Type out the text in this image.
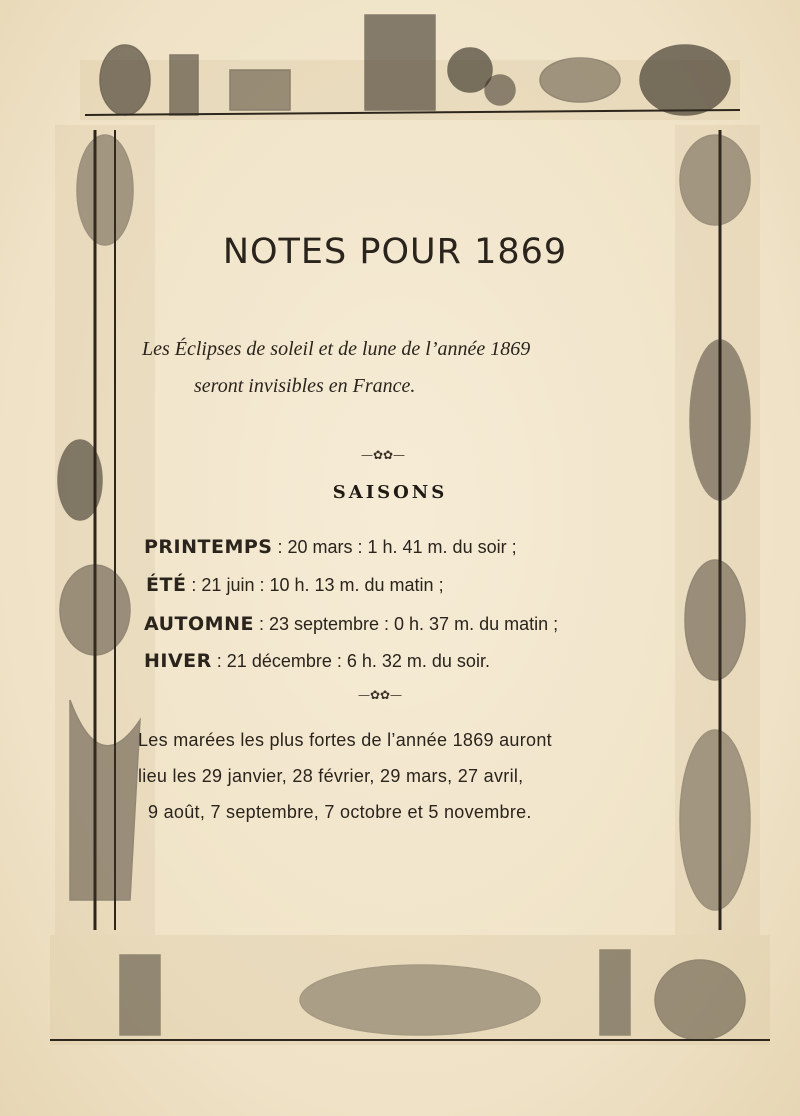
NOTES POUR 1869
Les Éclipses de soleil et de lune de l’année 1869
seront invisibles en France.
—✿✿—
SAISONS
PRINTEMPS : 20 mars : 1 h. 41 m. du soir ;
ÉTÉ : 21 juin : 10 h. 13 m. du matin ;
AUTOMNE : 23 septembre : 0 h. 37 m. du matin ;
HIVER : 21 décembre : 6 h. 32 m. du soir.
—✿✿—
Les marées les plus fortes de l’année 1869 auront
lieu les 29 janvier, 28 février, 29 mars, 27 avril,
9 août, 7 septembre, 7 octobre et 5 novembre.
